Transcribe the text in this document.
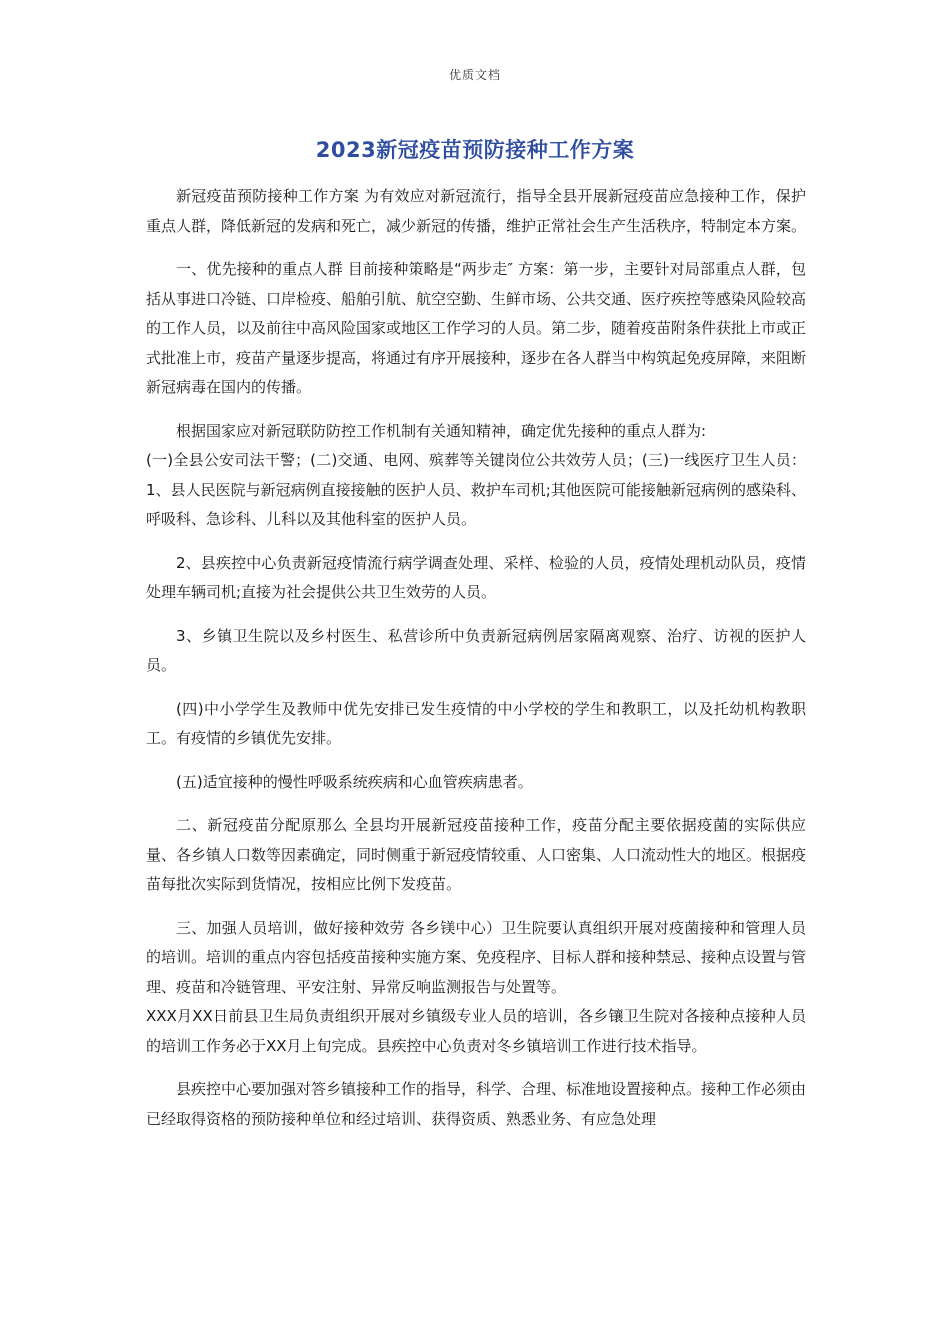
优质文档
2023新冠疫苗预防接种工作方案

新冠疫苗预防接种工作方案 为有效应对新冠流行，指导全县开展新冠疫苗应急接种工作，保护重点人群，降低新冠的发病和死亡，减少新冠的传播，维护正常社会生产生活秩序，特制定本方案。

一、优先接种的重点人群 目前接种策略是“两步走″ 方案：第一步，主要针对局部重点人群，包括从事进口冷链、口岸检疫、船舶引航、航空空勤、生鲜市场、公共交通、医疗疾控等感染风险较高的工作人员，以及前往中高风险国家或地区工作学习的人员。第二步，随着疫苗附条件获批上市或正式批准上市，疫苗产量逐步提高，将通过有序开展接种，逐步在各人群当中构筑起免疫屏障，来阻断新冠病毒在国内的传播。

根据国家应对新冠联防防控工作机制有关通知精神，确定优先接种的重点人群为:

(一)全县公安司法干警；(二)交通、电网、殡葬等关键岗位公共效劳人员；(三)一线医疗卫生人员：1、县人民医院与新冠病例直接接触的医护人员、救护车司机;其他医院可能接触新冠病例的感染科、呼吸科、急诊科、儿科以及其他科室的医护人员。

2、县疾控中心负责新冠疫情流行病学调查处理、采样、检验的人员，疫情处理机动队员，疫情处理车辆司机;直接为社会提供公共卫生效劳的人员。

3、乡镇卫生院以及乡村医生、私营诊所中负责新冠病例居家隔离观察、治疗、访视的医护人员。

(四)中小学学生及教师中优先安排已发生疫情的中小学校的学生和教职工，以及托幼机构教职工。有疫情的乡镇优先安排。

(五)适宜接种的慢性呼吸系统疾病和心血管疾病患者。

二、新冠疫苗分配原那么 全县均开展新冠疫苗接种工作，疫苗分配主要依据疫菌的实际供应量、各乡镇人口数等因素确定，同时侧重于新冠疫情较重、人口密集、人口流动性大的地区。根据疫苗每批次实际到货情况，按相应比例下发疫苗。

三、加强人员培训，做好接种效劳 各乡镁中心）卫生院要认真组织开展对疫菌接种和管理人员的培训。培训的重点内容包括疫苗接种实施方案、免疫程序、目标人群和接种禁忌、接种点设置与管理、疫苗和冷链管理、平安注射、异常反响监测报告与处置等。

XXX月XX日前县卫生局负责组织开展对乡镇级专业人员的培训，各乡镶卫生院对各接种点接种人员的培训工作务必于XX月上旬完成。县疾控中心负责对冬乡镇培训工作进行技术指导。

县疾控中心要加强对答乡镇接种工作的指导，科学、合理、标准地设置接种点。接种工作必须由已经取得资格的预防接种单位和经过培训、获得资质、熟悉业务、有应急处理
